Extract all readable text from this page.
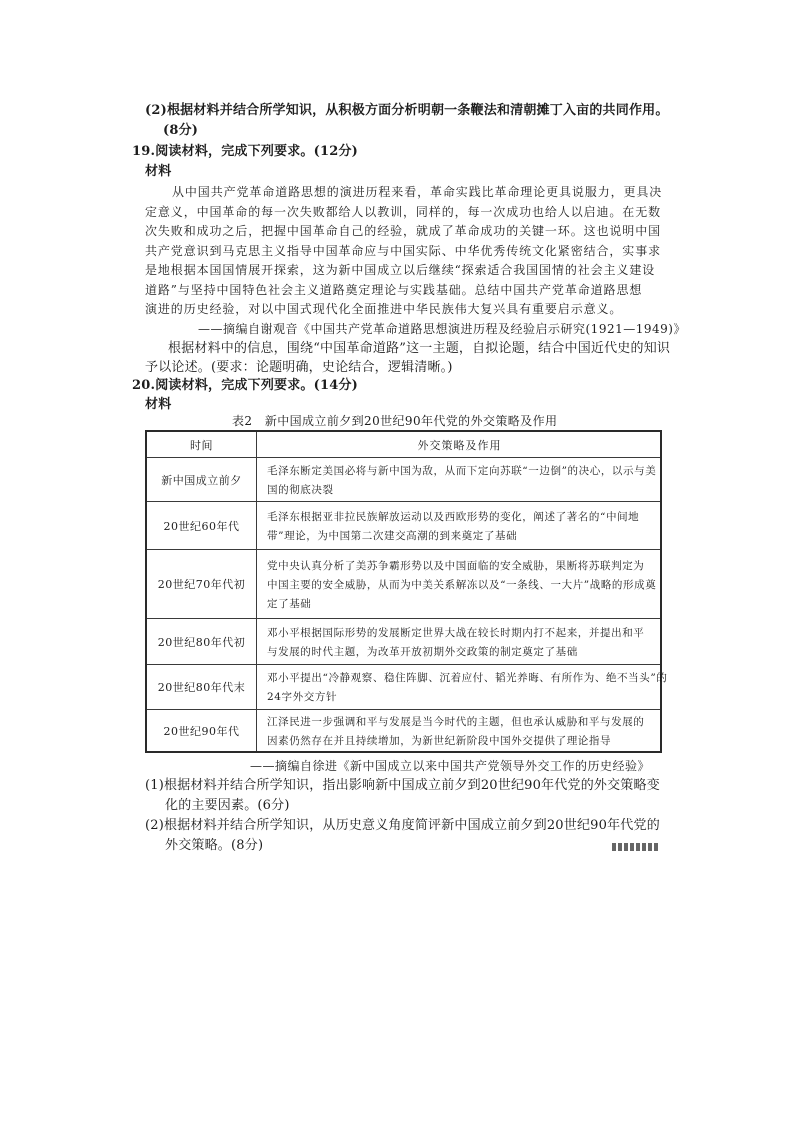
(2)根据材料并结合所学知识，从积极方面分析明朝一条鞭法和清朝摊丁入亩的共同作用。
(8分)
19.阅读材料，完成下列要求。(12分)
材料
从中国共产党革命道路思想的演进历程来看，革命实践比革命理论更具说服力，更具决
定意义，中国革命的每一次失败都给人以教训，同样的，每一次成功也给人以启迪。在无数
次失败和成功之后，把握中国革命自己的经验，就成了革命成功的关键一环。这也说明中国
共产党意识到马克思主义指导中国革命应与中国实际、中华优秀传统文化紧密结合，实事求
是地根据本国国情展开探索，这为新中国成立以后继续“探索适合我国国情的社会主义建设
道路”与坚持中国特色社会主义道路奠定理论与实践基础。总结中国共产党革命道路思想
演进的历史经验，对以中国式现代化全面推进中华民族伟大复兴具有重要启示意义。
——摘编自谢观音《中国共产党革命道路思想演进历程及经验启示研究(1921—1949)》
根据材料中的信息，围绕“中国革命道路”这一主题，自拟论题，结合中国近代史的知识
予以论述。(要求：论题明确，史论结合，逻辑清晰。)
20.阅读材料，完成下列要求。(14分)
材料
表2　新中国成立前夕到20世纪90年代党的外交策略及作用
时间	外交策略及作用
新中国成立前夕
毛泽东断定美国必将与新中国为敌，从而下定向苏联“一边倒”的决心，以示与美
国的彻底决裂
20世纪60年代
毛泽东根据亚非拉民族解放运动以及西欧形势的变化，阐述了著名的“中间地
带”理论，为中国第二次建交高潮的到来奠定了基础
20世纪70年代初
党中央认真分析了美苏争霸形势以及中国面临的安全威胁，果断将苏联判定为
中国主要的安全威胁，从而为中美关系解冻以及“一条线、一大片”战略的形成奠
定了基础
20世纪80年代初
邓小平根据国际形势的发展断定世界大战在较长时期内打不起来，并提出和平
与发展的时代主题，为改革开放初期外交政策的制定奠定了基础
20世纪80年代末
邓小平提出“冷静观察、稳住阵脚、沉着应付、韬光养晦、有所作为、绝不当头”的
24字外交方针
20世纪90年代
江泽民进一步强调和平与发展是当今时代的主题，但也承认威胁和平与发展的
因素仍然存在并且持续增加，为新世纪新阶段中国外交提供了理论指导
——摘编自徐进《新中国成立以来中国共产党领导外交工作的历史经验》
(1)根据材料并结合所学知识，指出影响新中国成立前夕到20世纪90年代党的外交策略变
化的主要因素。(6分)
(2)根据材料并结合所学知识，从历史意义角度简评新中国成立前夕到20世纪90年代党的
外交策略。(8分)
